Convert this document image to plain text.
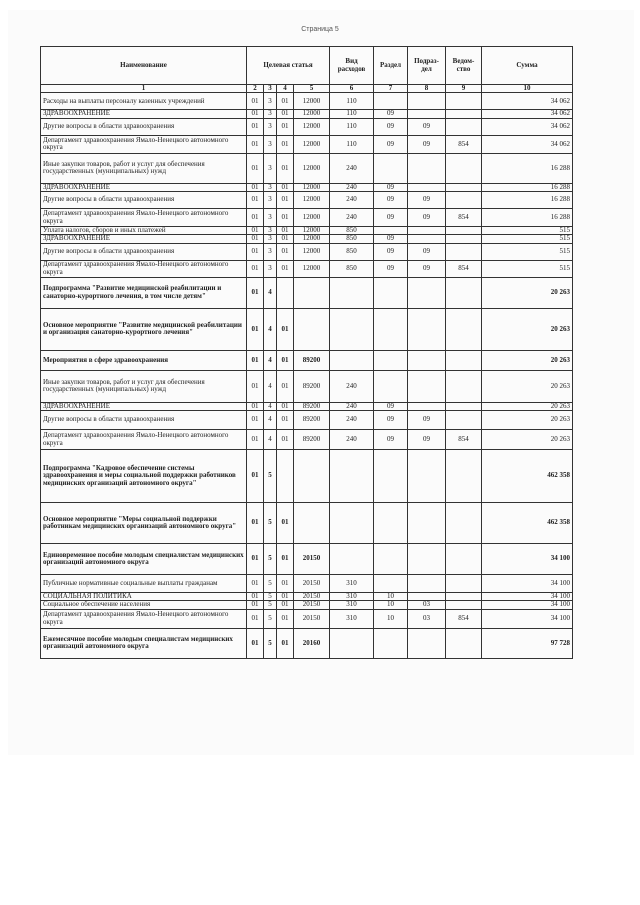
Страница 5
Наименование	Целевая статья				Вид расходов	Раздел	Подраз-дел	Ведом-ство	Сумма
1	2	3	4	5	6	7	8	9	10
Расходы на выплаты персоналу казенных учреждений	01	3	01	12000	110				34 062
ЗДРАВООХРАНЕНИЕ	01	3	01	12000	110	09			34 062
Другие вопросы в области здравоохранения	01	3	01	12000	110	09	09		34 062
Департамент здравоохранения Ямало-Ненецкого автономного округа	01	3	01	12000	110	09	09	854	34 062
Иные закупки товаров, работ и услуг для обеспечения государственных (муниципальных) нужд	01	3	01	12000	240				16 288
ЗДРАВООХРАНЕНИЕ	01	3	01	12000	240	09			16 288
Другие вопросы в области здравоохранения	01	3	01	12000	240	09	09		16 288
Департамент здравоохранения Ямало-Ненецкого автономного округа	01	3	01	12000	240	09	09	854	16 288
Уплата налогов, сборов и иных платежей	01	3	01	12000	850				515
ЗДРАВООХРАНЕНИЕ	01	3	01	12000	850	09			515
Другие вопросы в области здравоохранения	01	3	01	12000	850	09	09		515
Департамент здравоохранения Ямало-Ненецкого автономного округа	01	3	01	12000	850	09	09	854	515
Подпрограмма "Развитие медицинской реабилитации и санаторно-курортного лечения, в том числе детям"	01	4							20 263
Основное мероприятие "Развитие медицинской реабилитации и организация санаторно-курортного лечения"	01	4	01						20 263
Мероприятия в сфере здравоохранения	01	4	01	89200					20 263
Иные закупки товаров, работ и услуг для обеспечения государственных (муниципальных) нужд	01	4	01	89200	240				20 263
ЗДРАВООХРАНЕНИЕ	01	4	01	89200	240	09			20 263
Другие вопросы в области здравоохранения	01	4	01	89200	240	09	09		20 263
Департамент здравоохранения Ямало-Ненецкого автономного округа	01	4	01	89200	240	09	09	854	20 263
Подпрограмма "Кадровое обеспечение системы здравоохранения и меры социальной поддержки работников медицинских организаций автономного округа"	01	5							462 358
Основное мероприятие "Меры социальной поддержки работникам медицинских организаций автономного округа"	01	5	01						462 358
Единовременное пособие молодым специалистам медицинских организаций автономного округа	01	5	01	20150					34 100
Публичные нормативные социальные выплаты гражданам	01	5	01	20150	310				34 100
СОЦИАЛЬНАЯ ПОЛИТИКА	01	5	01	20150	310	10			34 100
Социальное обеспечение населения	01	5	01	20150	310	10	03		34 100
Департамент здравоохранения Ямало-Ненецкого автономного округа	01	5	01	20150	310	10	03	854	34 100
Ежемесячное пособие молодым специалистам медицинских организаций автономного округа	01	5	01	20160					97 728
